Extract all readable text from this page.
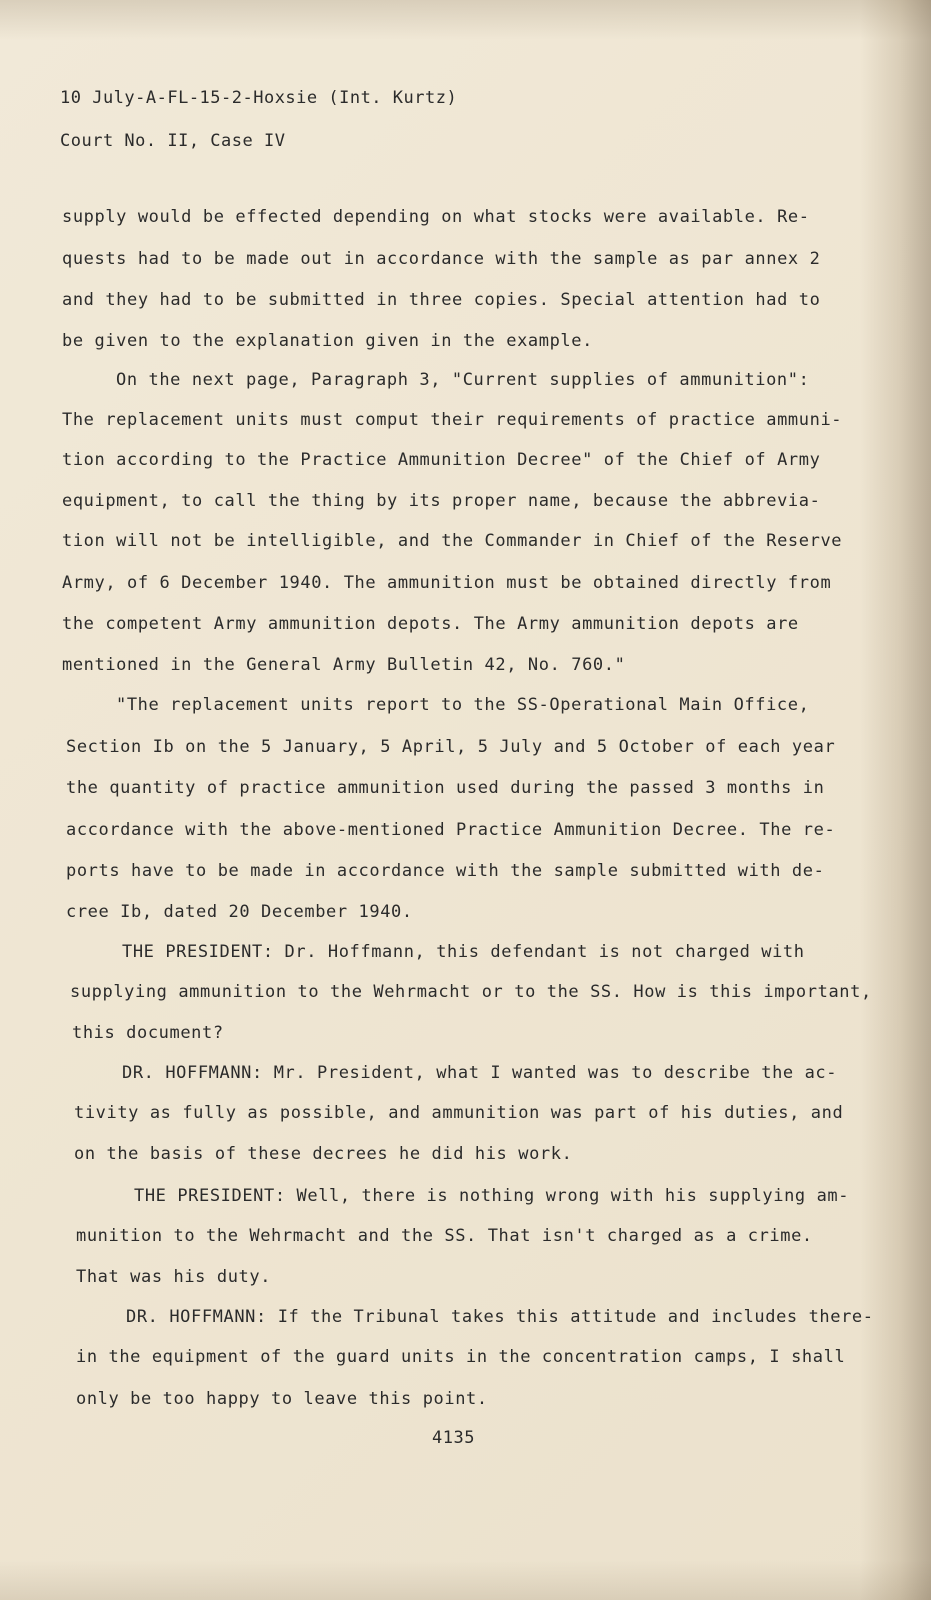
10 July-A-FL-15-2-Hoxsie (Int. Kurtz)
Court No. II, Case IV
supply would be effected depending on what stocks were available. Re-
quests had to be made out in accordance with the sample as par annex 2
and they had to be submitted in three copies. Special attention had to
be given to the explanation given in the example.
On the next page, Paragraph 3, "Current supplies of ammunition":
The replacement units must comput their requirements of practice ammuni-
tion according to the Practice Ammunition Decree" of the Chief of Army
equipment, to call the thing by its proper name, because the abbrevia-
tion will not be intelligible, and the Commander in Chief of the Reserve
Army, of 6 December 1940. The ammunition must be obtained directly from
the competent Army ammunition depots. The Army ammunition depots are
mentioned in the General Army Bulletin 42, No. 760."
"The replacement units report to the SS-Operational Main Office,
Section Ib on the 5 January, 5 April, 5 July and 5 October of each year
the quantity of practice ammunition used during the passed 3 months in
accordance with the above-mentioned Practice Ammunition Decree. The re-
ports have to be made in accordance with the sample submitted with de-
cree Ib, dated 20 December 1940.
THE PRESIDENT: Dr. Hoffmann, this defendant is not charged with
supplying ammunition to the Wehrmacht or to the SS. How is this important,
this document?
DR. HOFFMANN: Mr. President, what I wanted was to describe the ac-
tivity as fully as possible, and ammunition was part of his duties, and
on the basis of these decrees he did his work.
THE PRESIDENT: Well, there is nothing wrong with his supplying am-
munition to the Wehrmacht and the SS. That isn't charged as a crime.
That was his duty.
DR. HOFFMANN: If the Tribunal takes this attitude and includes there-
in the equipment of the guard units in the concentration camps, I shall
only be too happy to leave this point.
4135
